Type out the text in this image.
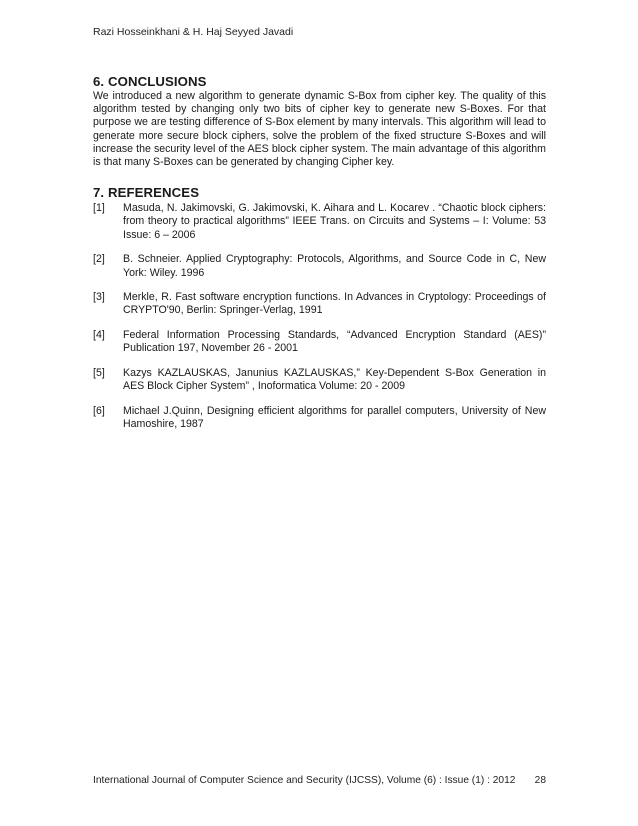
Razi Hosseinkhani & H. Haj Seyyed Javadi
6. CONCLUSIONS

We introduced a new algorithm to generate dynamic S-Box from cipher key. The quality of this algorithm tested by changing only two bits of cipher key to generate new S-Boxes. For that purpose we are testing difference of S-Box element by many intervals. This algorithm will lead to generate more secure block ciphers, solve the problem of the fixed structure S-Boxes and will increase the security level of the AES block cipher system. The main advantage of this algorithm is that many S-Boxes can be generated by changing Cipher key.

7. REFERENCES
[1] Masuda, N. Jakimovski, G. Jakimovski, K. Aihara and L. Kocarev . “Chaotic block ciphers: from theory to practical algorithms” IEEE Trans. on Circuits and Systems – I: Volume: 53 Issue: 6 – 2006
[2] B. Schneier. Applied Cryptography: Protocols, Algorithms, and Source Code in C, New York: Wiley. 1996
[3] Merkle, R. Fast software encryption functions. In Advances in Cryptology: Proceedings of CRYPTO'90, Berlin: Springer-Verlag, 1991
[4] Federal Information Processing Standards, “Advanced Encryption Standard (AES)” Publication 197, November 26 - 2001
[5] Kazys KAZLAUSKAS, Janunius KAZLAUSKAS,” Key-Dependent S-Box Generation in AES Block Cipher System” , Inoformatica Volume: 20 - 2009
[6] Michael J.Quinn, Designing efficient algorithms for parallel computers, University of New Hamoshire, 1987
International Journal of Computer Science and Security (IJCSS), Volume (6) : Issue (1) : 2012 28
